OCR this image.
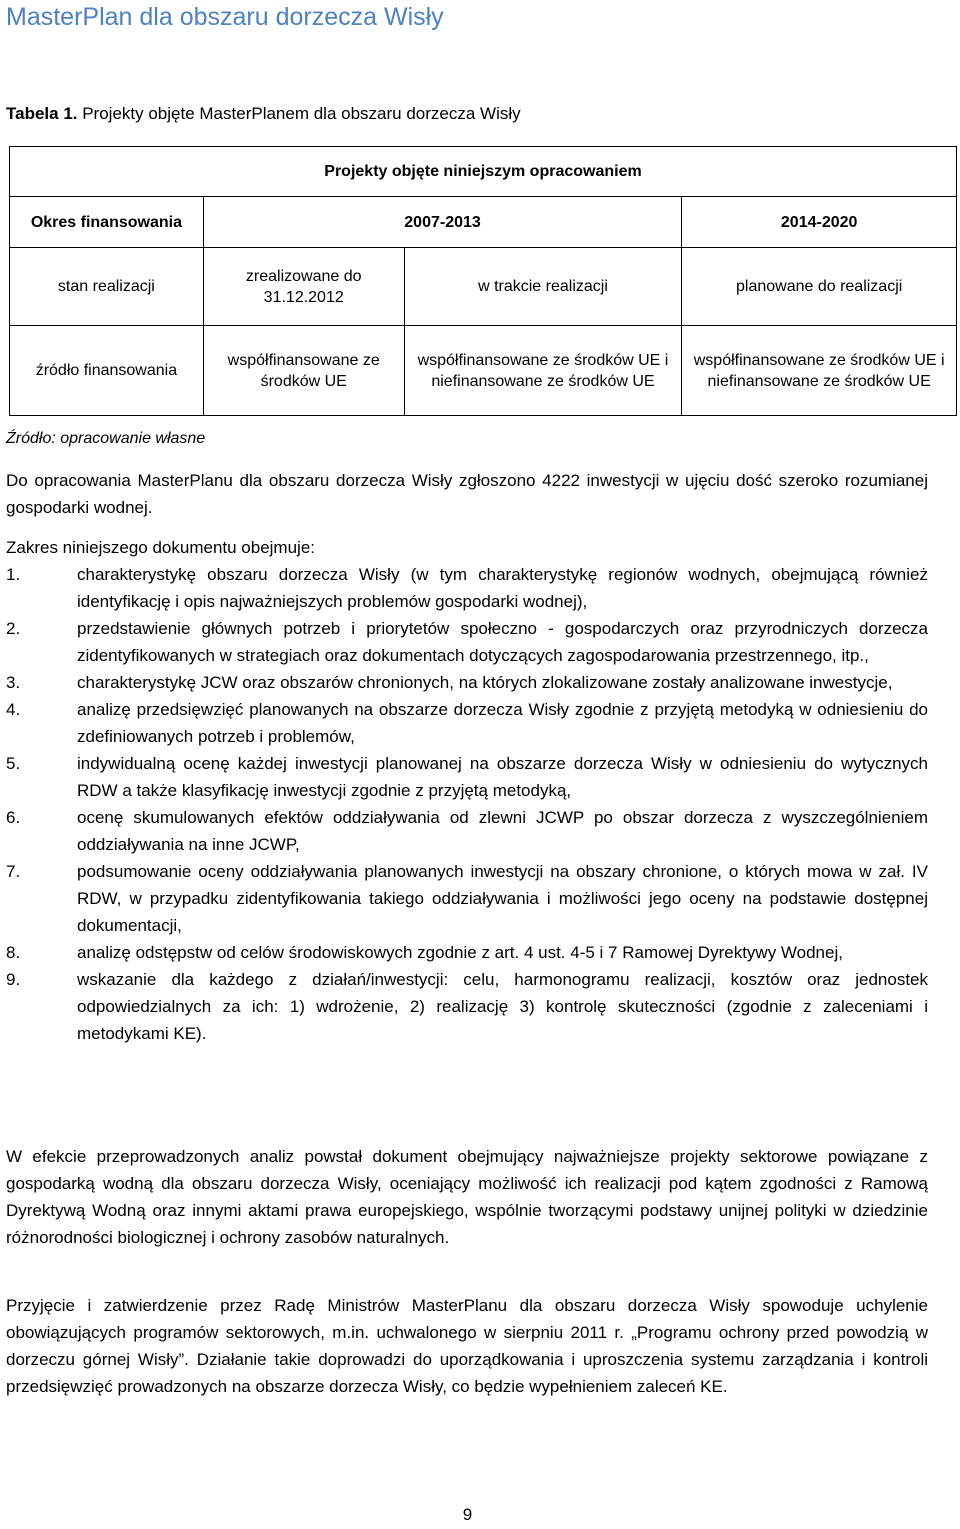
MasterPlan dla obszaru dorzecza Wisły
Tabela 1. Projekty objęte MasterPlanem dla obszaru dorzecza Wisły
Projekty objęte niniejszym opracowaniem			
Okres finansowania	2007-2013		2014-2020
stan realizacji	zrealizowane do 31.12.2012	w trakcie realizacji	planowane do realizacji
źródło finansowania	współfinansowane ze środków UE	współfinansowane ze środków UE i niefinansowane ze środków UE	współfinansowane ze środków UE i niefinansowane ze środków UE
Źródło: opracowanie własne
Do opracowania MasterPlanu dla obszaru dorzecza Wisły zgłoszono 4222 inwestycji w ujęciu dość szeroko rozumianej gospodarki wodnej.
Zakres niniejszego dokumentu obejmuje:
1.	charakterystykę obszaru dorzecza Wisły (w tym charakterystykę regionów wodnych, obejmującą również identyfikację i opis najważniejszych problemów gospodarki wodnej),
2.	przedstawienie głównych potrzeb i priorytetów społeczno - gospodarczych oraz przyrodniczych dorzecza zidentyfikowanych w strategiach oraz dokumentach dotyczących zagospodarowania przestrzennego, itp.,
3.	charakterystykę JCW oraz obszarów chronionych, na których zlokalizowane zostały analizowane inwestycje,
4.	analizę przedsięwzięć planowanych na obszarze dorzecza Wisły zgodnie z przyjętą metodyką w odniesieniu do zdefiniowanych potrzeb i problemów,
5.	indywidualną ocenę każdej inwestycji planowanej na obszarze dorzecza Wisły w odniesieniu do wytycznych RDW a także klasyfikację inwestycji zgodnie z przyjętą metodyką,
6.	ocenę skumulowanych efektów oddziaływania od zlewni JCWP po obszar dorzecza z wyszczególnieniem oddziaływania na inne JCWP,
7.	podsumowanie oceny oddziaływania planowanych inwestycji na obszary chronione, o których mowa w zał. IV RDW, w przypadku zidentyfikowania takiego oddziaływania i możliwości jego oceny na podstawie dostępnej dokumentacji,
8.	analizę odstępstw od celów środowiskowych zgodnie z art. 4 ust. 4-5 i 7 Ramowej Dyrektywy Wodnej,
9.	wskazanie dla każdego z działań/inwestycji: celu, harmonogramu realizacji, kosztów oraz jednostek odpowiedzialnych za ich: 1) wdrożenie, 2) realizację 3) kontrolę skuteczności (zgodnie z zaleceniami i metodykami KE).
W efekcie przeprowadzonych analiz powstał dokument obejmujący najważniejsze projekty sektorowe powiązane z gospodarką wodną dla obszaru dorzecza Wisły, oceniający możliwość ich realizacji pod kątem zgodności z Ramową Dyrektywą Wodną oraz innymi aktami prawa europejskiego, wspólnie tworzącymi podstawy unijnej polityki w dziedzinie różnorodności biologicznej i ochrony zasobów naturalnych.
Przyjęcie i zatwierdzenie przez Radę Ministrów MasterPlanu dla obszaru dorzecza Wisły spowoduje uchylenie obowiązujących programów sektorowych, m.in. uchwalonego w sierpniu 2011 r. „Programu ochrony przed powodzią w dorzeczu górnej Wisły”. Działanie takie doprowadzi do uporządkowania i uproszczenia systemu zarządzania i kontroli przedsięwzięć prowadzonych na obszarze dorzecza Wisły, co będzie wypełnieniem zaleceń KE.
9
